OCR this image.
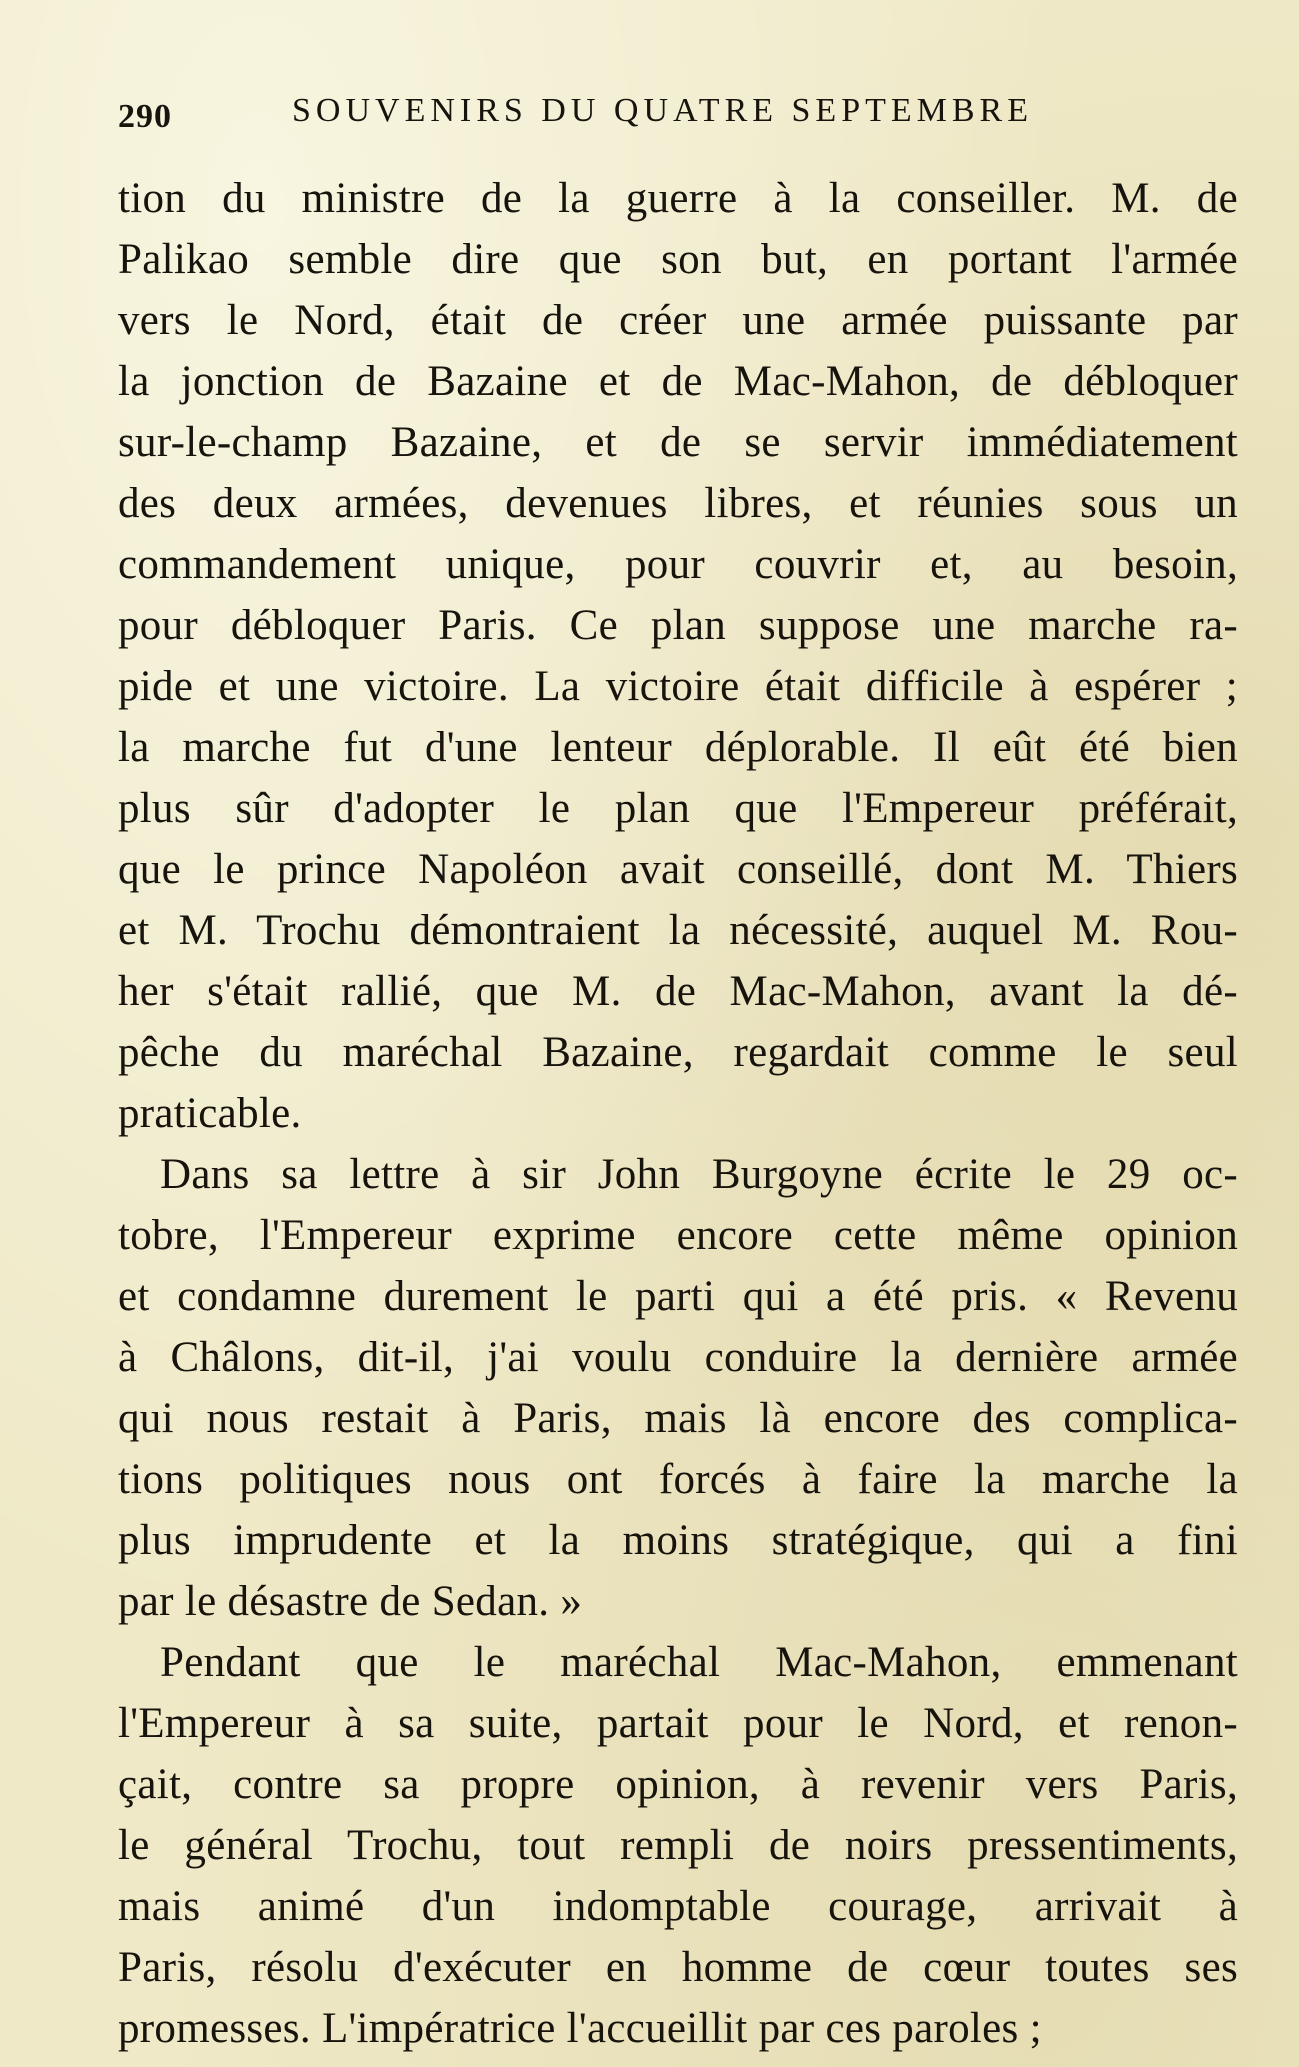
290	SOUVENIRS DU QUATRE SEPTEMBRE
tion du ministre de la guerre à la conseiller. M. de
Palikao semble dire que son but, en portant l'armée
vers le Nord, était de créer une armée puissante par
la jonction de Bazaine et de Mac-Mahon, de débloquer
sur-le-champ Bazaine, et de se servir immédiatement
des deux armées, devenues libres, et réunies sous un
commandement unique, pour couvrir et, au besoin,
pour débloquer Paris. Ce plan suppose une marche ra-
pide et une victoire. La victoire était difficile à espérer ;
la marche fut d'une lenteur déplorable. Il eût été bien
plus sûr d'adopter le plan que l'Empereur préférait,
que le prince Napoléon avait conseillé, dont M. Thiers
et M. Trochu démontraient la nécessité, auquel M. Rou-
her s'était rallié, que M. de Mac-Mahon, avant la dé-
pêche du maréchal Bazaine, regardait comme le seul
praticable.
Dans sa lettre à sir John Burgoyne écrite le 29 oc-
tobre, l'Empereur exprime encore cette même opinion
et condamne durement le parti qui a été pris. « Revenu
à Châlons, dit-il, j'ai voulu conduire la dernière armée
qui nous restait à Paris, mais là encore des complica-
tions politiques nous ont forcés à faire la marche la
plus imprudente et la moins stratégique, qui a fini
par le désastre de Sedan. »
Pendant que le maréchal Mac-Mahon, emmenant
l'Empereur à sa suite, partait pour le Nord, et renon-
çait, contre sa propre opinion, à revenir vers Paris,
le général Trochu, tout rempli de noirs pressentiments,
mais animé d'un indomptable courage, arrivait à
Paris, résolu d'exécuter en homme de cœur toutes ses
promesses. L'impératrice l'accueillit par ces paroles ;
